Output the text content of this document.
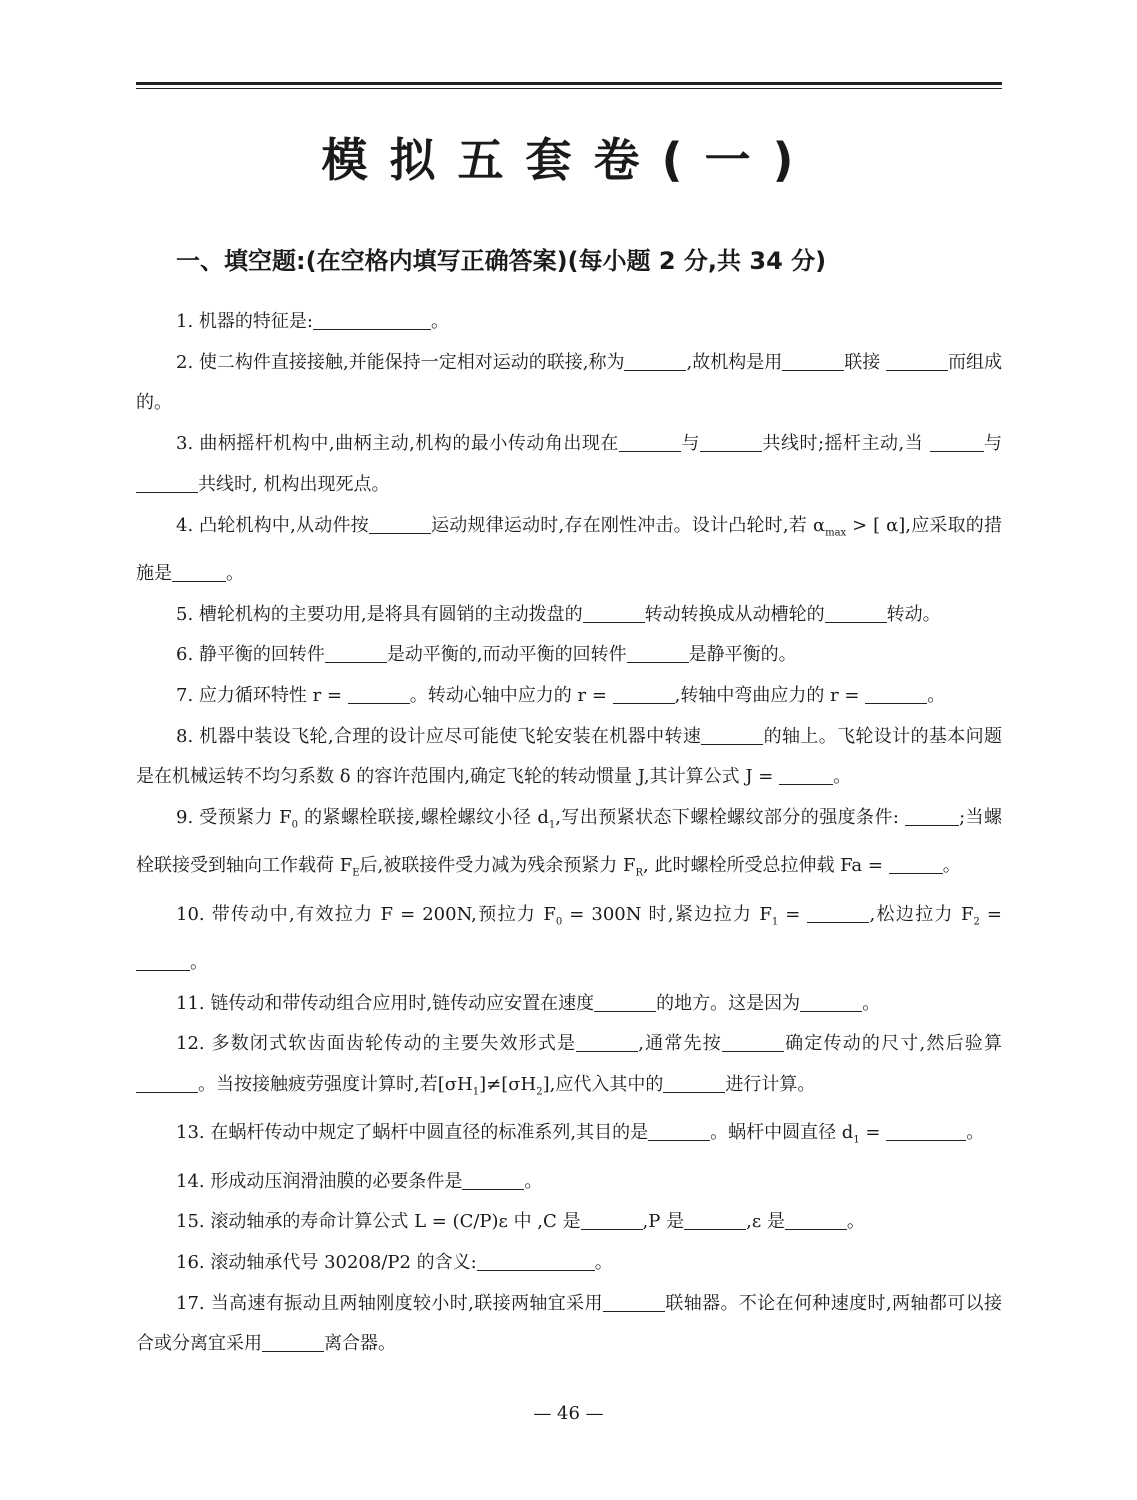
模拟五套卷(一)
一、填空题:(在空格内填写正确答案)(每小题 2 分,共 34 分)

1. 机器的特征是:	。

2. 使二构件直接接触,并能保持一定相对运动的联接,称为	,故机构是用	联接	而组成的。

3. 曲柄摇杆机构中,曲柄主动,机构的最小传动角出现在	与	共线时;摇杆主动,当	与共线时, 机构出现死点。

4. 凸轮机构中,从动件按	运动规律运动时,存在刚性冲击。设计凸轮时,若 $\alpha_{max}$ > [ α],应采取的措施是	。

5. 槽轮机构的主要功用,是将具有圆销的主动拨盘的	转动转换成从动槽轮的	转动。

6. 静平衡的回转件	是动平衡的,而动平衡的回转件	是静平衡的。

7. 应力循环特性 r =	。转动心轴中应力的 r =	,转轴中弯曲应力的 r =	。

8. 机器中装设飞轮,合理的设计应尽可能使飞轮安装在机器中转速	的轴上。飞轮设计的基本问题是在机械运转不均匀系数 δ 的容许范围内,确定飞轮的转动惯量 J,其计算公式 J =	。

9. 受预紧力 $F_0$ 的紧螺栓联接,螺栓螺纹小径 $d_1$,写出预紧状态下螺栓螺纹部分的强度条件:	;当螺栓联接受到轴向工作载荷 $F_E$后,被联接件受力减为残余预紧力 $F_R$, 此时螺栓所受总拉伸载 Fa =	。

10. 带传动中,有效拉力 F = 200N,预拉力 $F_0 = 300N$ 时,紧边拉力 $F_1$ =	,松边拉力 $F_2$ = 。

11. 链传动和带传动组合应用时,链传动应安置在速度	的地方。这是因为	。

12. 多数闭式软齿面齿轮传动的主要失效形式是	,通常先按	确定传动的尺寸,然后验算。当按接触疲劳强度计算时,若$[\sigma H_1]\ne[\sigma H_2]$,应代入其中的	进行计算。

13. 在蜗杆传动中规定了蜗杆中圆直径的标准系列,其目的是	。蜗杆中圆直径 $d_1$ =	。

14. 形成动压润滑油膜的必要条件是	。

15. 滚动轴承的寿命计算公式 L = (C/P)ε 中 ,C 是	,P 是	,ε 是	。

16. 滚动轴承代号 30208/P2 的含义:	。

17. 当高速有振动且两轴刚度较小时,联接两轴宜采用	联轴器。不论在何种速度时,两轴都可以接合或分离宜采用	离合器。

— 46 —
